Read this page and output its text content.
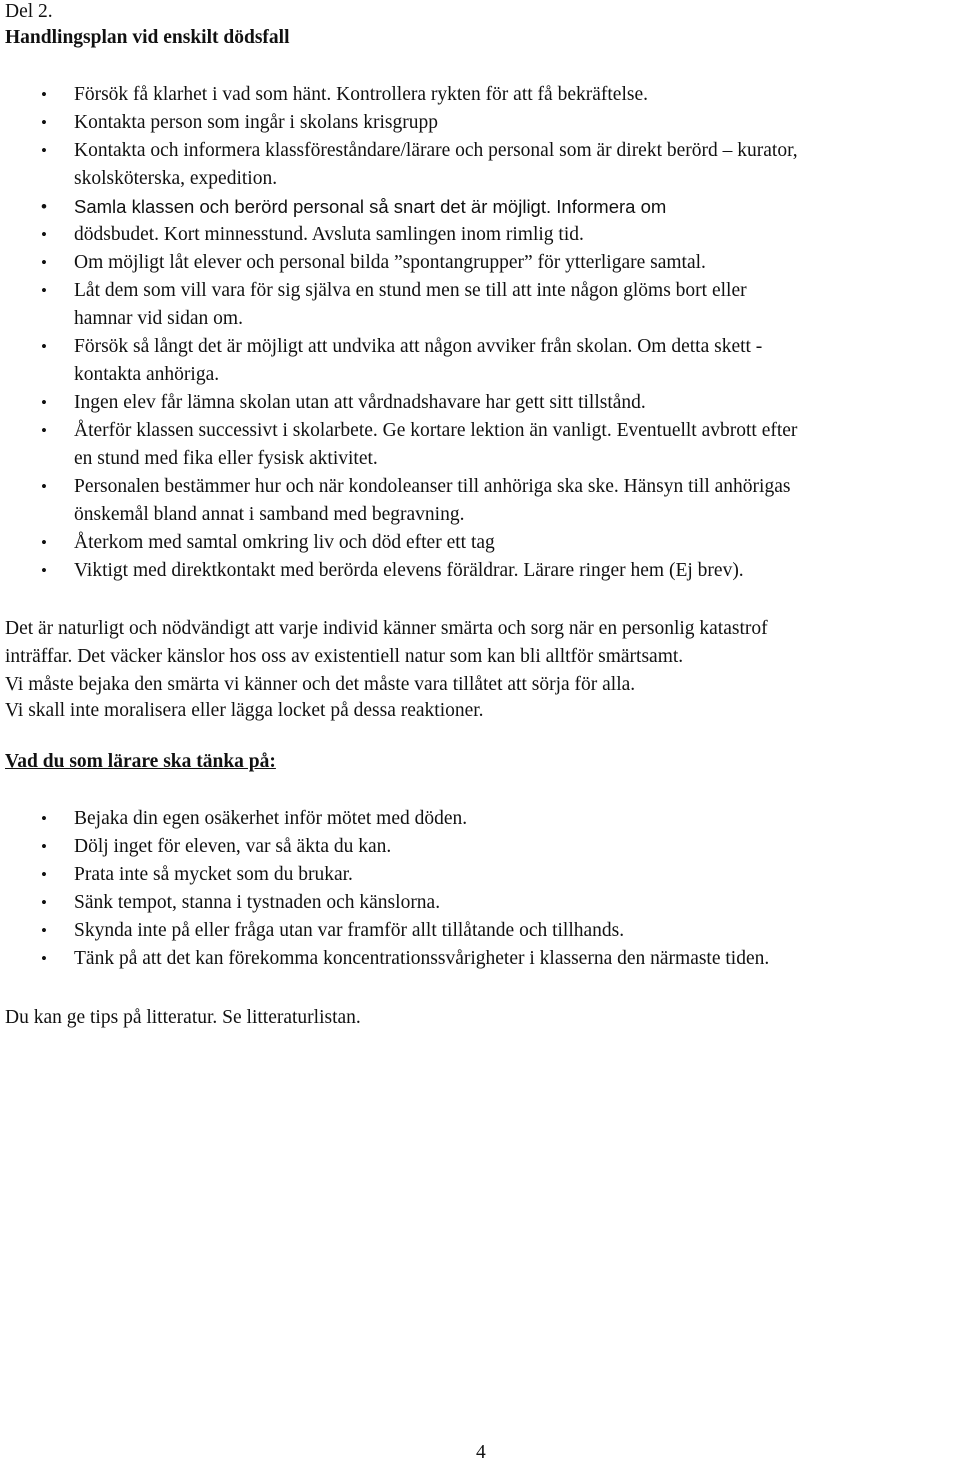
Del 2.

Handlingsplan vid enskilt dödsfall

• Försök få klarhet i vad som hänt. Kontrollera rykten för att få bekräftelse.
• Kontakta person som ingår i skolans krisgrupp
• Kontakta och informera klassföreståndare/lärare och personal som är direkt berörd – kurator,
skolsköterska, expedition.
• Samla klassen och berörd personal så snart det är möjligt. Informera om
• dödsbudet. Kort minnesstund. Avsluta samlingen inom rimlig tid.
• Om möjligt låt elever och personal bilda ”spontangrupper” för ytterligare samtal.
• Låt dem som vill vara för sig själva en stund men se till att inte någon glöms bort eller
hamnar vid sidan om.
• Försök så långt det är möjligt att undvika att någon avviker från skolan. Om detta skett -
kontakta anhöriga.
• Ingen elev får lämna skolan utan att vårdnadshavare har gett sitt tillstånd.
• Återför klassen successivt i skolarbete. Ge kortare lektion än vanligt. Eventuellt avbrott efter
en stund med fika eller fysisk aktivitet.
• Personalen bestämmer hur och när kondoleanser till anhöriga ska ske. Hänsyn till anhörigas
önskemål bland annat i samband med begravning.
• Återkom med samtal omkring liv och död efter ett tag
• Viktigt med direktkontakt med berörda elevens föräldrar. Lärare ringer hem (Ej brev).

Det är naturligt och nödvändigt att varje individ känner smärta och sorg när en personlig katastrof

inträffar. Det väcker känslor hos oss av existentiell natur som kan bli alltför smärtsamt.

Vi måste bejaka den smärta vi känner och det måste vara tillåtet att sörja för alla.

Vi skall inte moralisera eller lägga locket på dessa reaktioner.

Vad du som lärare ska tänka på:

• Bejaka din egen osäkerhet inför mötet med döden.
• Dölj inget för eleven, var så äkta du kan.
• Prata inte så mycket som du brukar.
• Sänk tempot, stanna i tystnaden och känslorna.
• Skynda inte på eller fråga utan var framför allt tillåtande och tillhands.
• Tänk på att det kan förekomma koncentrationssvårigheter i klasserna den närmaste tiden.

Du kan ge tips på litteratur. Se litteraturlistan.

4
